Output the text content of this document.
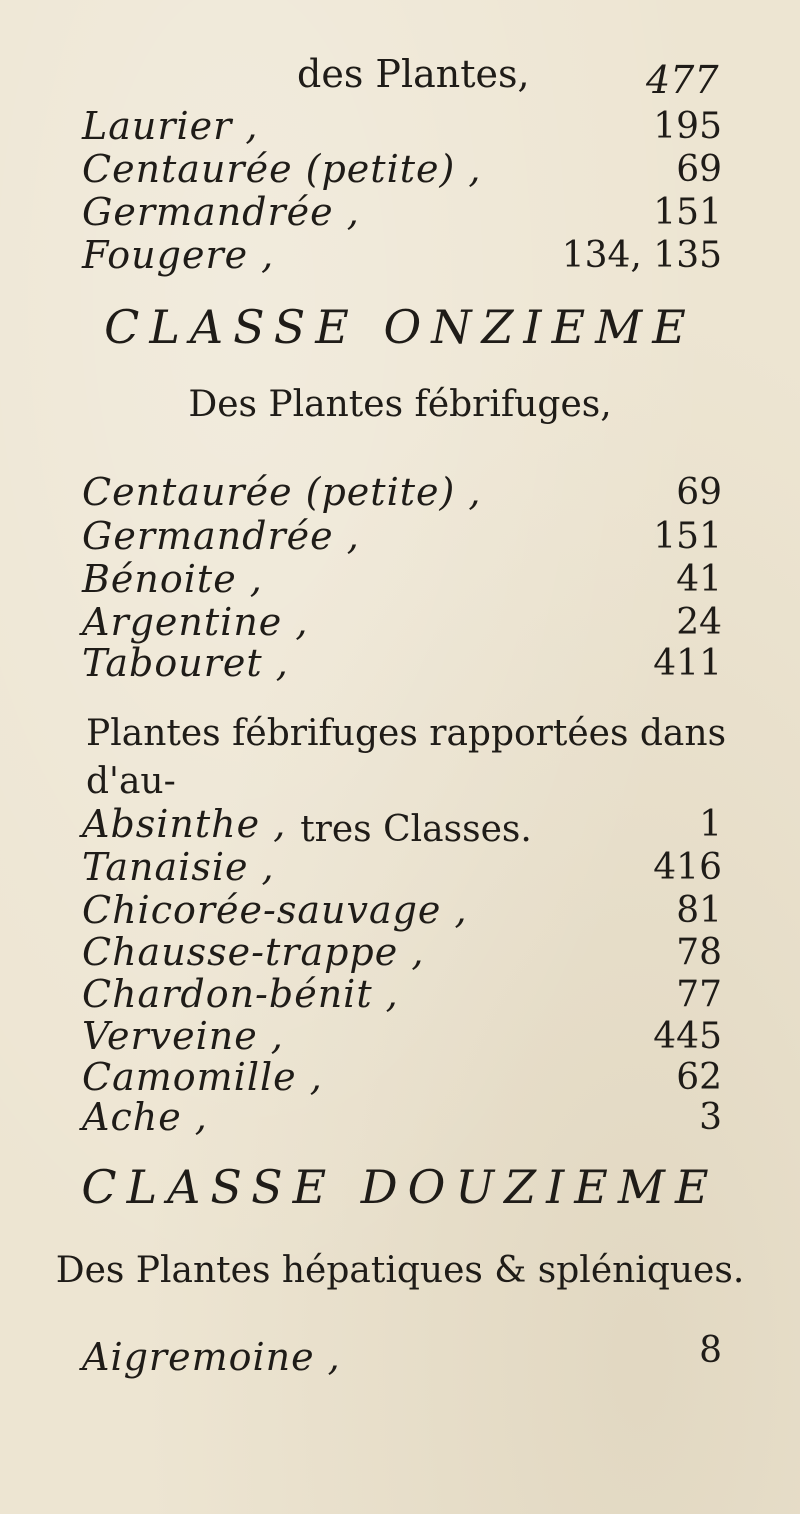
des Plantes,	477
Laurier ,	195
Centaurée (petite) ,	69
Germandrée ,	151
Fougere ,	134, 135
CLASSE ONZIEME
Des Plantes fébrifuges,
Centaurée (petite) ,	69
Germandrée ,	151
Bénoite ,	41
Argentine ,	24
Tabouret ,	411
Plantes fébrifuges rapportées dans d'au-
tres Classes.
Absinthe ,	1
Tanaisie ,	416
Chicorée-sauvage ,	81
Chausse-trappe ,	78
Chardon-bénit ,	77
Verveine ,	445
Camomille ,	62
Ache ,	3
CLASSE DOUZIEME
Des Plantes hépatiques & spléniques.
Aigremoine ,	8
